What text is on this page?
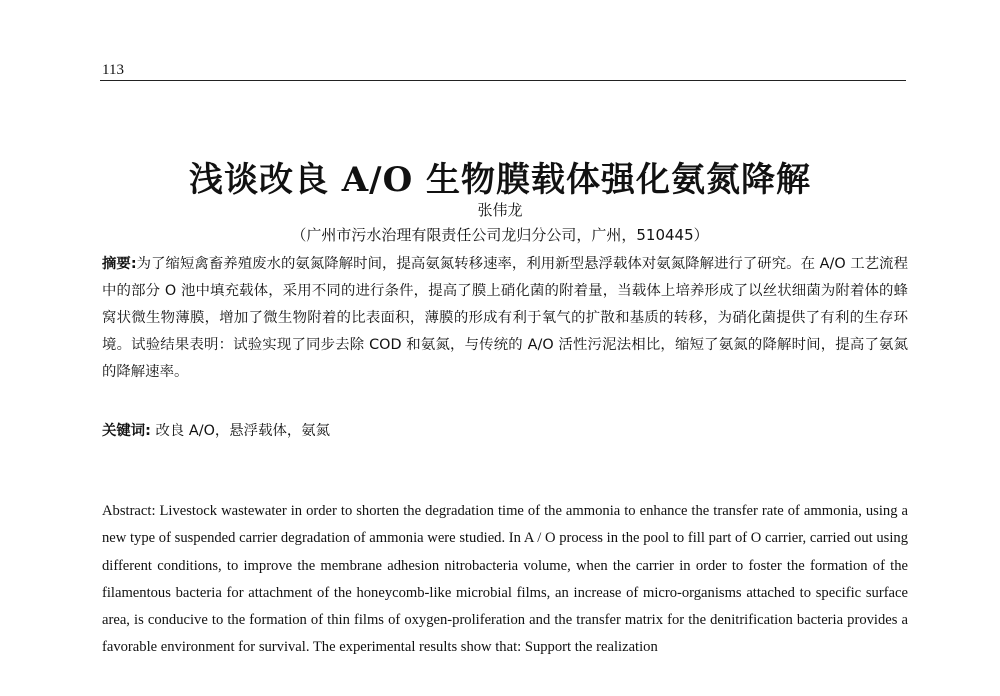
113
浅谈改良 A/O 生物膜载体强化氨氮降解
张伟龙
（广州市污水治理有限责任公司龙归分公司，广州，510445）
摘要:为了缩短禽畜养殖废水的氨氮降解时间，提高氨氮转移速率，利用新型悬浮载体对氨氮降解进行了研究。在 A/O 工艺流程中的部分 O 池中填充载体，采用不同的进行条件，提高了膜上硝化菌的附着量，当载体上培养形成了以丝状细菌为附着体的蜂窝状微生物薄膜，增加了微生物附着的比表面积，薄膜的形成有利于氧气的扩散和基质的转移，为硝化菌提供了有利的生存环境。试验结果表明：试验实现了同步去除 COD 和氨氮，与传统的 A/O 活性污泥法相比，缩短了氨氮的降解时间，提高了氨氮的降解速率。
关键词: 改良 A/O，悬浮载体，氨氮
Abstract: Livestock wastewater in order to shorten the degradation time of the ammonia to enhance the transfer rate of ammonia, using a new type of suspended carrier degradation of ammonia were studied. In A / O process in the pool to fill part of O carrier, carried out using different conditions, to improve the membrane adhesion nitrobacteria volume, when the carrier in order to foster the formation of the filamentous bacteria for attachment of the honeycomb-like microbial films, an increase of micro-organisms attached to specific surface area, is conducive to the formation of thin films of oxygen-proliferation and the transfer matrix for the denitrification bacteria provides a favorable environment for survival. The experimental results show that: Support the realization
